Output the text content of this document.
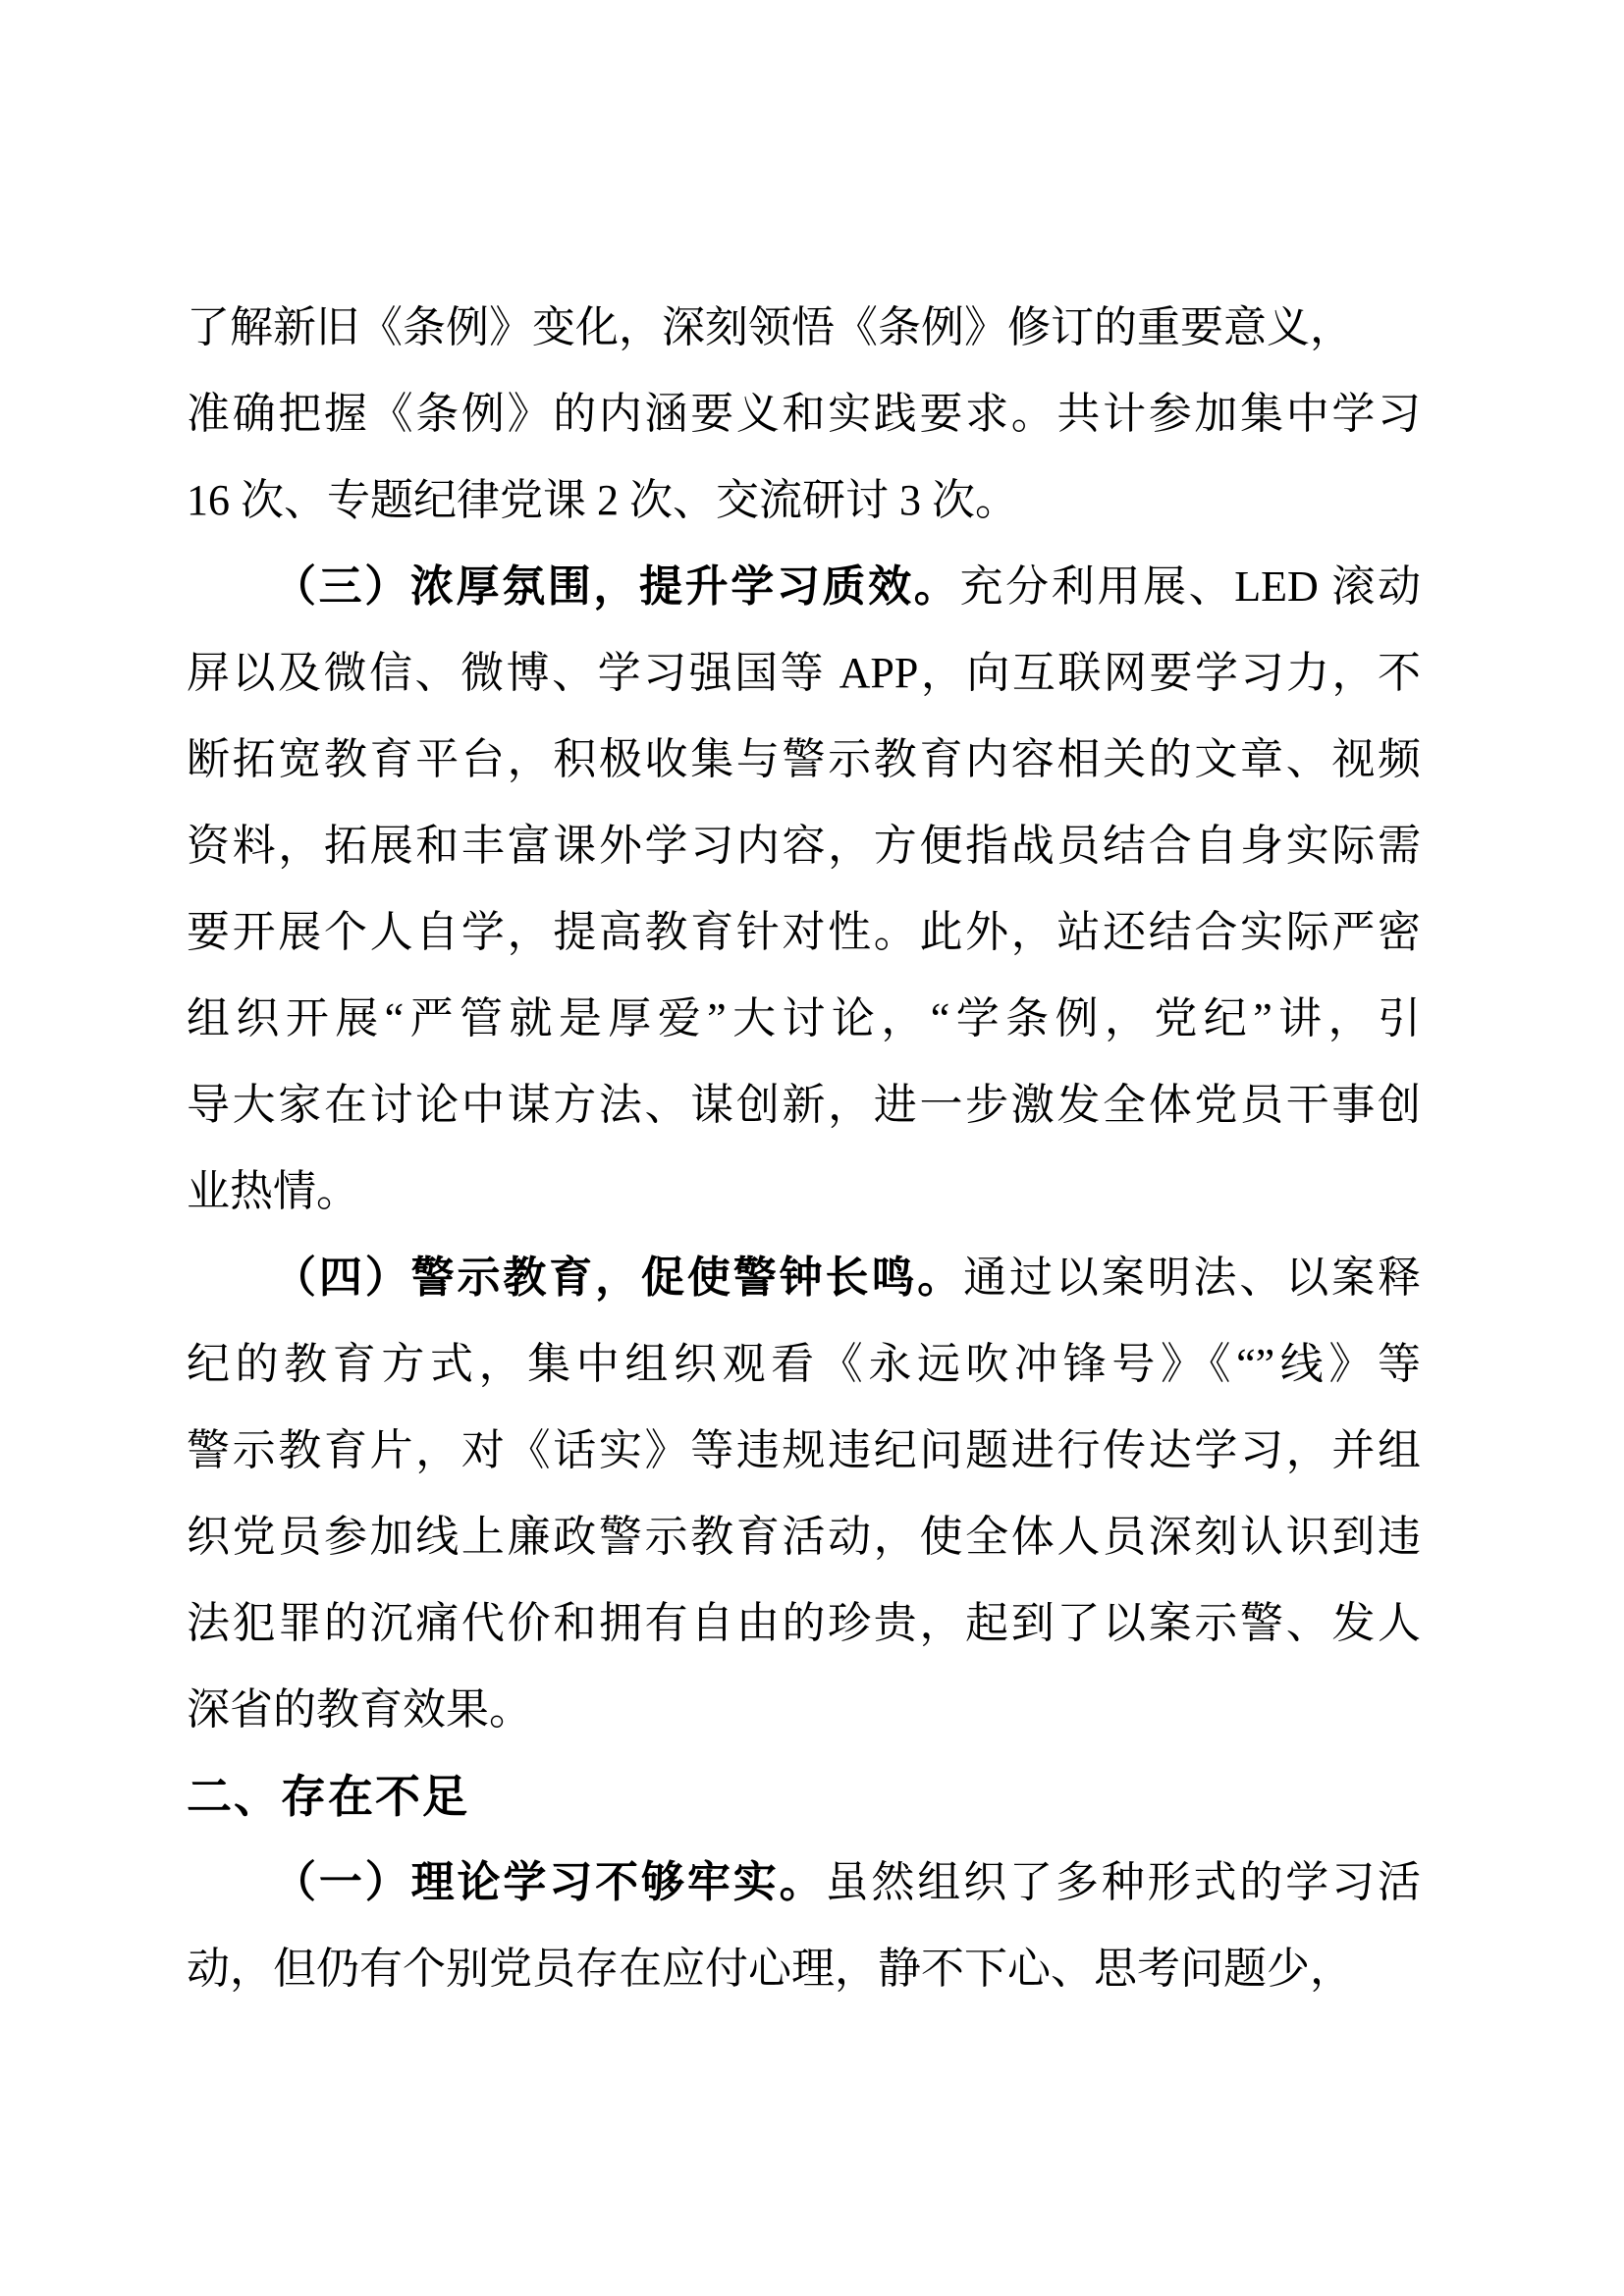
了解新旧《条例》变化，深刻领悟《条例》修订的重要意义，
准确把握《条例》的内涵要义和实践要求。共计参加集中学习
16 次、专题纪律党课 2 次、交流研讨 3 次。
（三）浓厚氛围，提升学习质效。充分利用展、LED 滚动
屏以及微信、微博、学习强国等 APP，向互联网要学习力，不
断拓宽教育平台，积极收集与警示教育内容相关的文章、视频
资料，拓展和丰富课外学习内容，方便指战员结合自身实际需
要开展个人自学，提高教育针对性。此外，站还结合实际严密
组织开展“严管就是厚爱”大讨论，“学条例，党纪”讲，引
导大家在讨论中谋方法、谋创新，进一步激发全体党员干事创
业热情。
（四）警示教育，促使警钟长鸣。通过以案明法、以案释
纪的教育方式，集中组织观看《永远吹冲锋号》《“”线》等
警示教育片，对《话实》等违规违纪问题进行传达学习，并组
织党员参加线上廉政警示教育活动，使全体人员深刻认识到违
法犯罪的沉痛代价和拥有自由的珍贵，起到了以案示警、发人
深省的教育效果。
二、存在不足
（一）理论学习不够牢实。虽然组织了多种形式的学习活
动，但仍有个别党员存在应付心理，静不下心、思考问题少，
